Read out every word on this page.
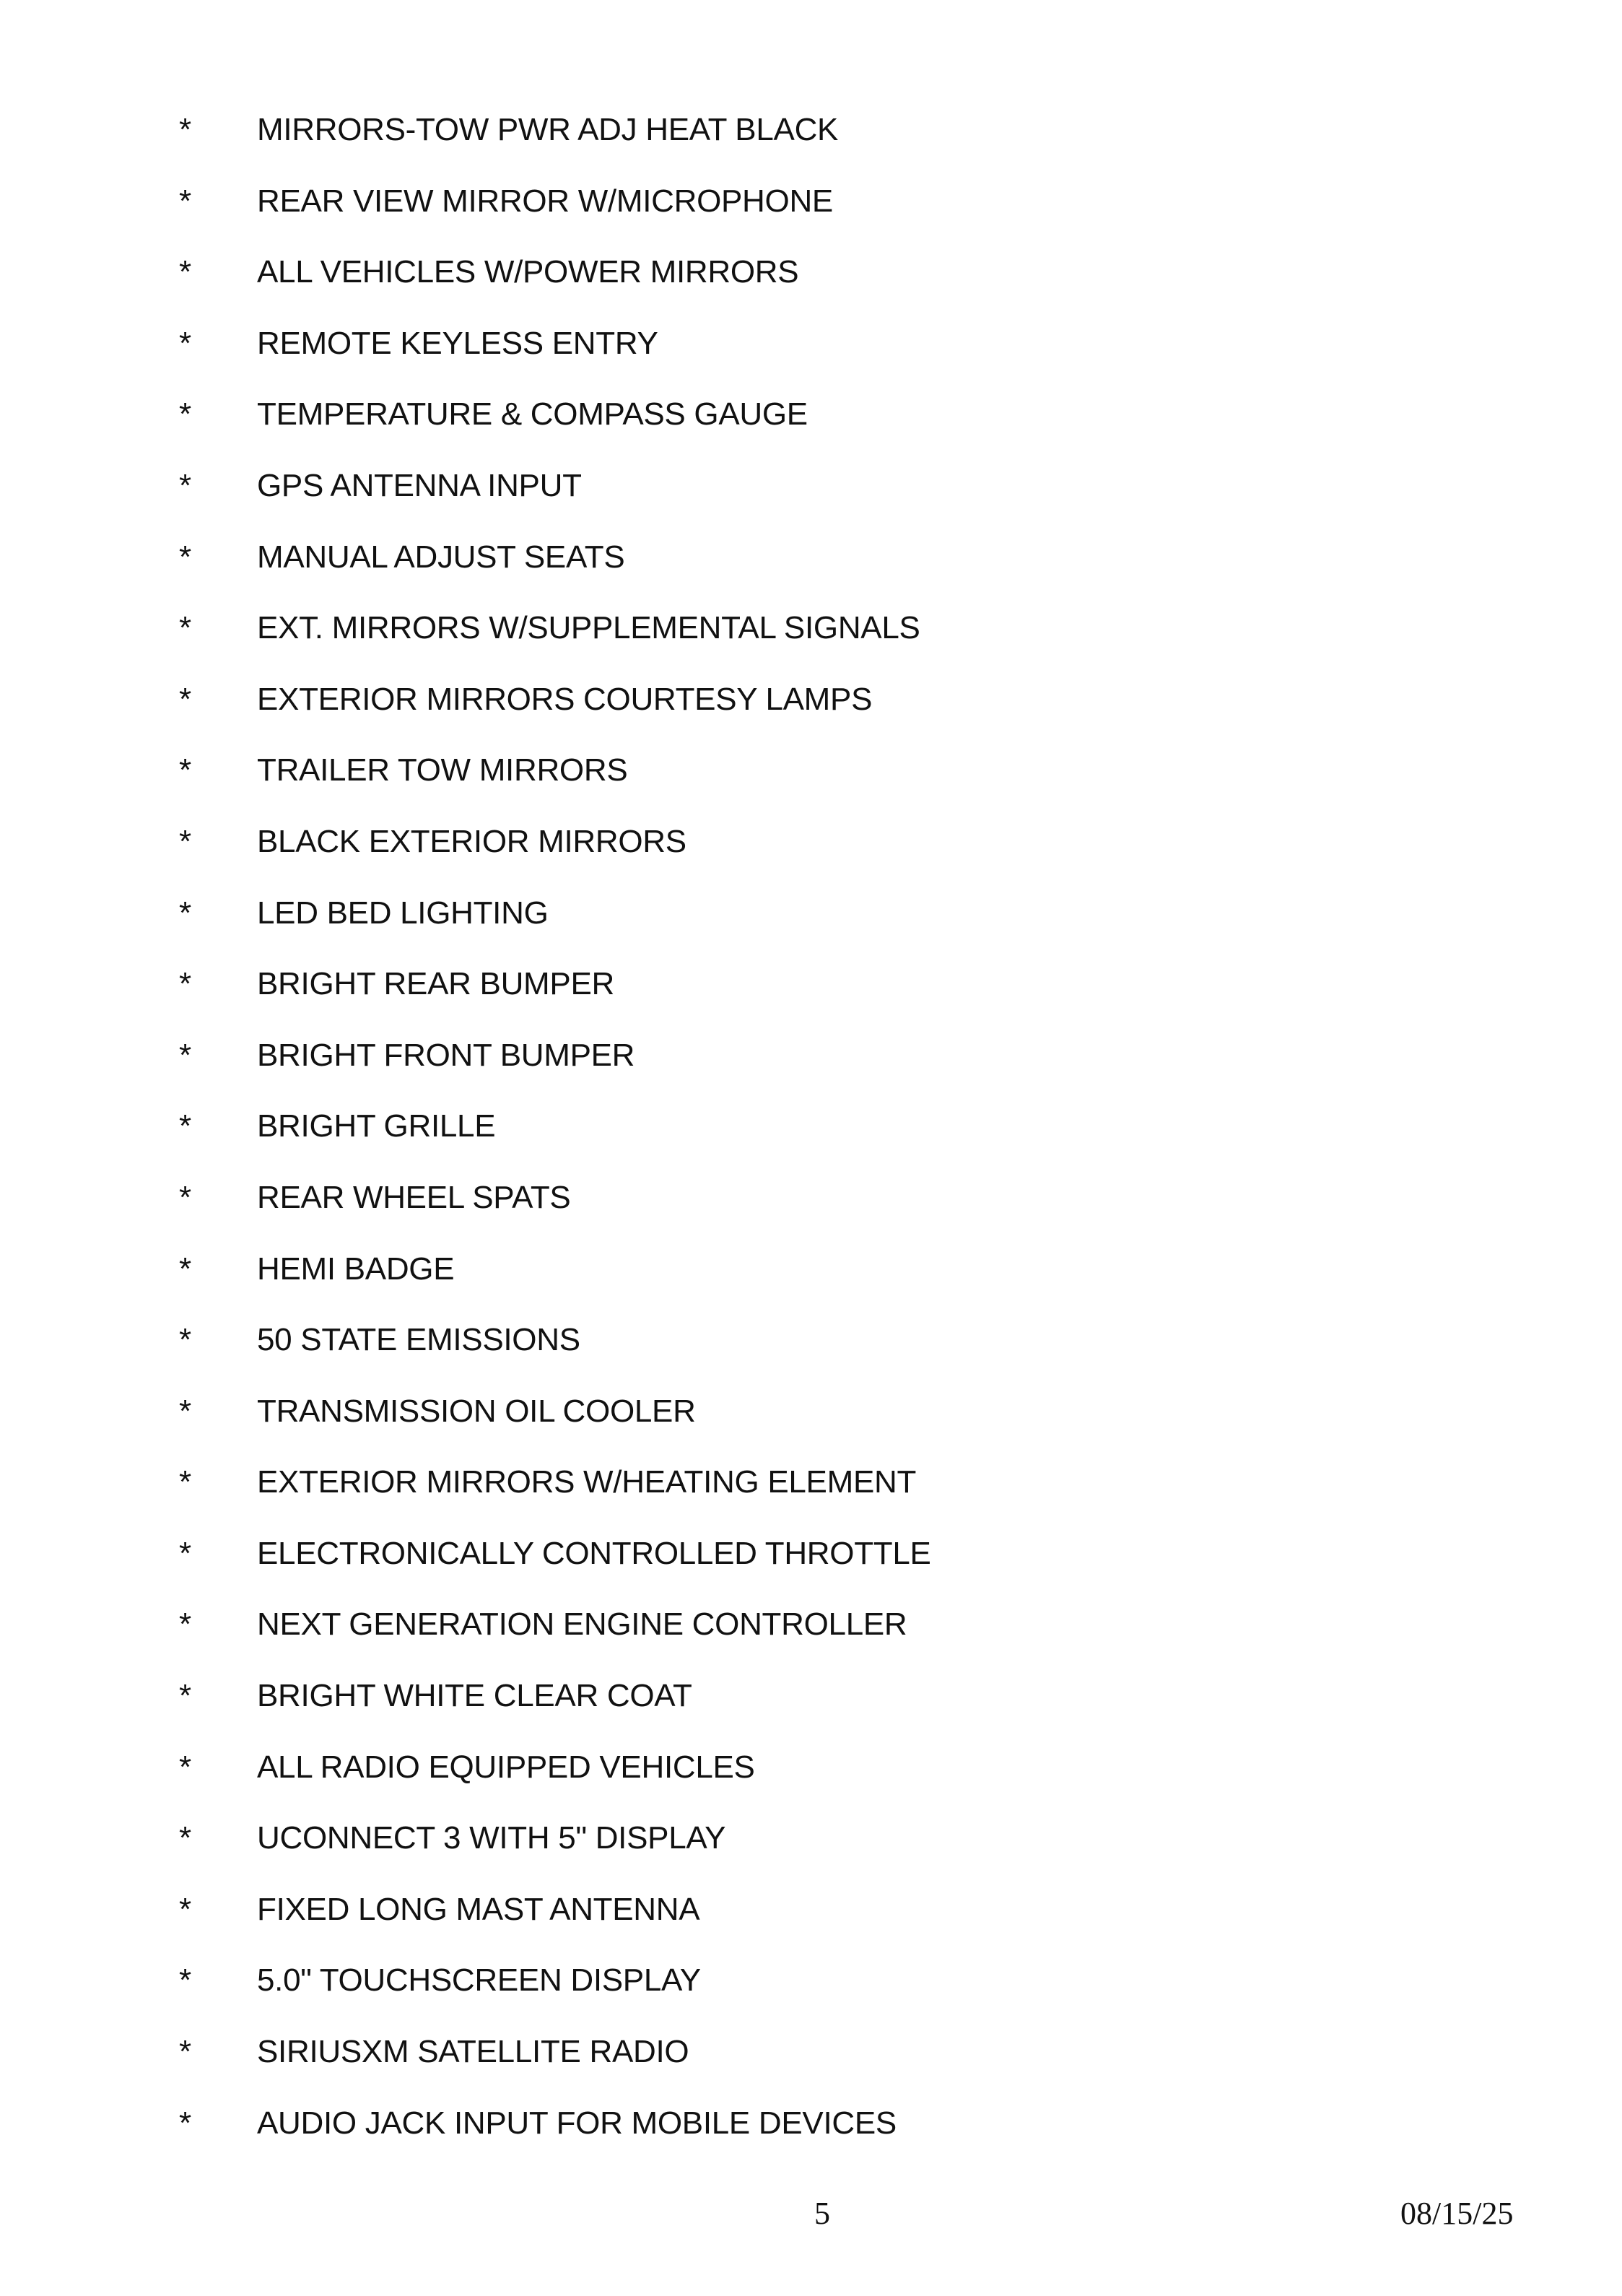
* MIRRORS-TOW PWR ADJ HEAT BLACK
* REAR VIEW MIRROR W/MICROPHONE
* ALL VEHICLES W/POWER MIRRORS
* REMOTE KEYLESS ENTRY
* TEMPERATURE & COMPASS GAUGE
* GPS ANTENNA INPUT
* MANUAL ADJUST SEATS
* EXT. MIRRORS W/SUPPLEMENTAL SIGNALS
* EXTERIOR MIRRORS COURTESY LAMPS
* TRAILER TOW MIRRORS
* BLACK EXTERIOR MIRRORS
* LED BED LIGHTING
* BRIGHT REAR BUMPER
* BRIGHT FRONT BUMPER
* BRIGHT GRILLE
* REAR WHEEL SPATS
* HEMI BADGE
* 50 STATE EMISSIONS
* TRANSMISSION OIL COOLER
* EXTERIOR MIRRORS W/HEATING ELEMENT
* ELECTRONICALLY CONTROLLED THROTTLE
* NEXT GENERATION ENGINE CONTROLLER
* BRIGHT WHITE CLEAR COAT
* ALL RADIO EQUIPPED VEHICLES
* UCONNECT 3 WITH 5" DISPLAY
* FIXED LONG MAST ANTENNA
* 5.0" TOUCHSCREEN DISPLAY
* SIRIUSXM SATELLITE RADIO
* AUDIO JACK INPUT FOR MOBILE DEVICES
5	08/15/25
